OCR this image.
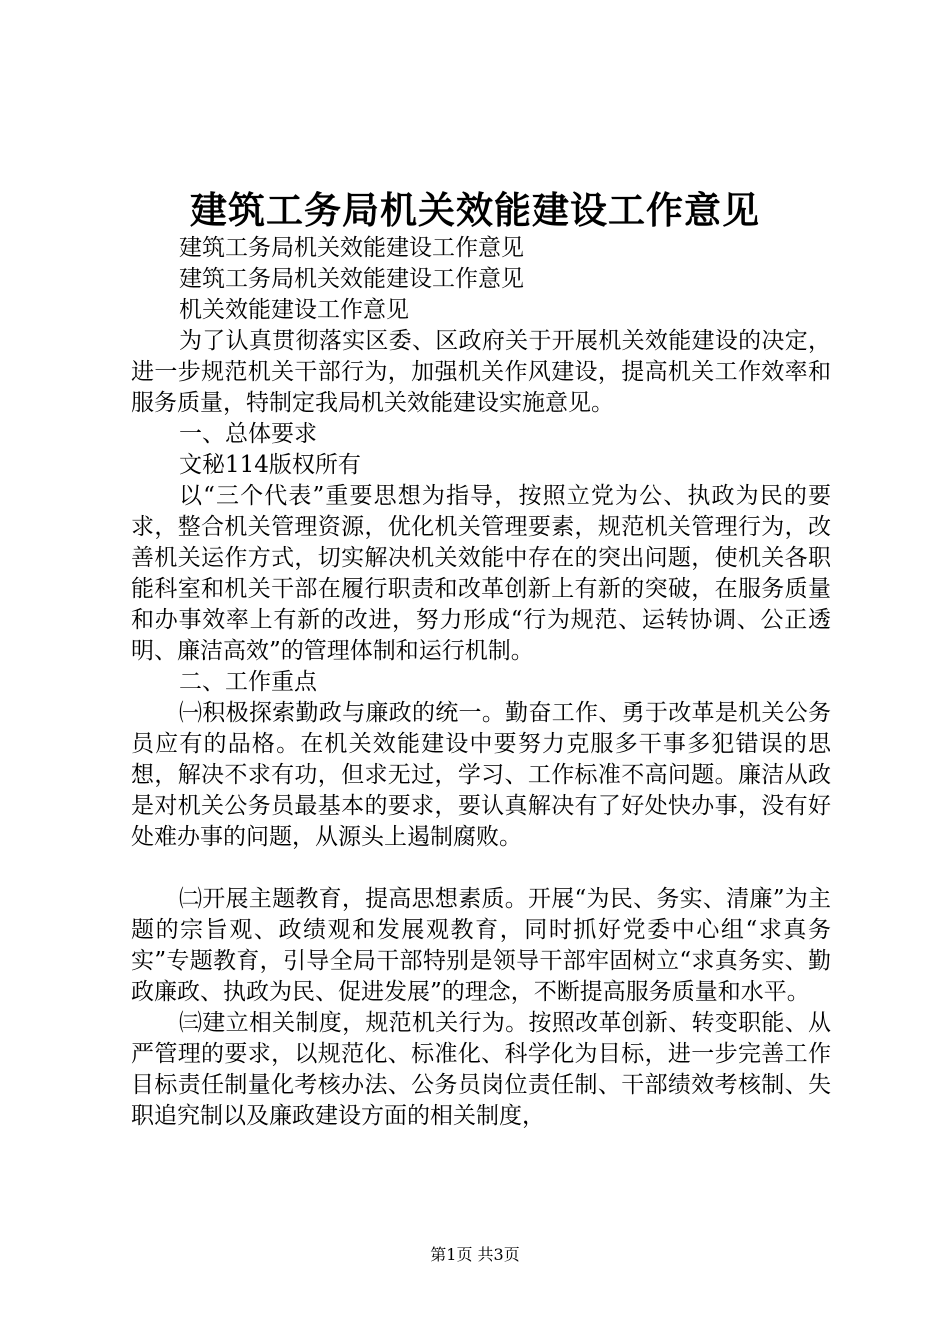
建筑工务局机关效能建设工作意见

建筑工务局机关效能建设工作意见

建筑工务局机关效能建设工作意见

机关效能建设工作意见

为了认真贯彻落实区委、区政府关于开展机关效能建设的决定，进一步规范机关干部行为，加强机关作风建设，提高机关工作效率和服务质量，特制定我局机关效能建设实施意见。

一、总体要求

文秘114版权所有

以“三个代表”重要思想为指导，按照立党为公、执政为民的要求，整合机关管理资源，优化机关管理要素，规范机关管理行为，改善机关运作方式，切实解决机关效能中存在的突出问题，使机关各职能科室和机关干部在履行职责和改革创新上有新的突破，在服务质量和办事效率上有新的改进，努力形成“行为规范、运转协调、公正透明、廉洁高效”的管理体制和运行机制。

二、工作重点

㈠积极探索勤政与廉政的统一。勤奋工作、勇于改革是机关公务员应有的品格。在机关效能建设中要努力克服多干事多犯错误的思想，解决不求有功，但求无过，学习、工作标准不高问题。廉洁从政是对机关公务员最基本的要求，要认真解决有了好处快办事，没有好处难办事的问题，从源头上遏制腐败。

㈡开展主题教育，提高思想素质。开展“为民、务实、清廉”为主题的宗旨观、政绩观和发展观教育，同时抓好党委中心组“求真务实”专题教育，引导全局干部特别是领导干部牢固树立“求真务实、勤政廉政、执政为民、促进发展”的理念，不断提高服务质量和水平。

㈢建立相关制度，规范机关行为。按照改革创新、转变职能、从严管理的要求，以规范化、标准化、科学化为目标，进一步完善工作目标责任制量化考核办法、公务员岗位责任制、干部绩效考核制、失职追究制以及廉政建设方面的相关制度，

第1页 共3页
